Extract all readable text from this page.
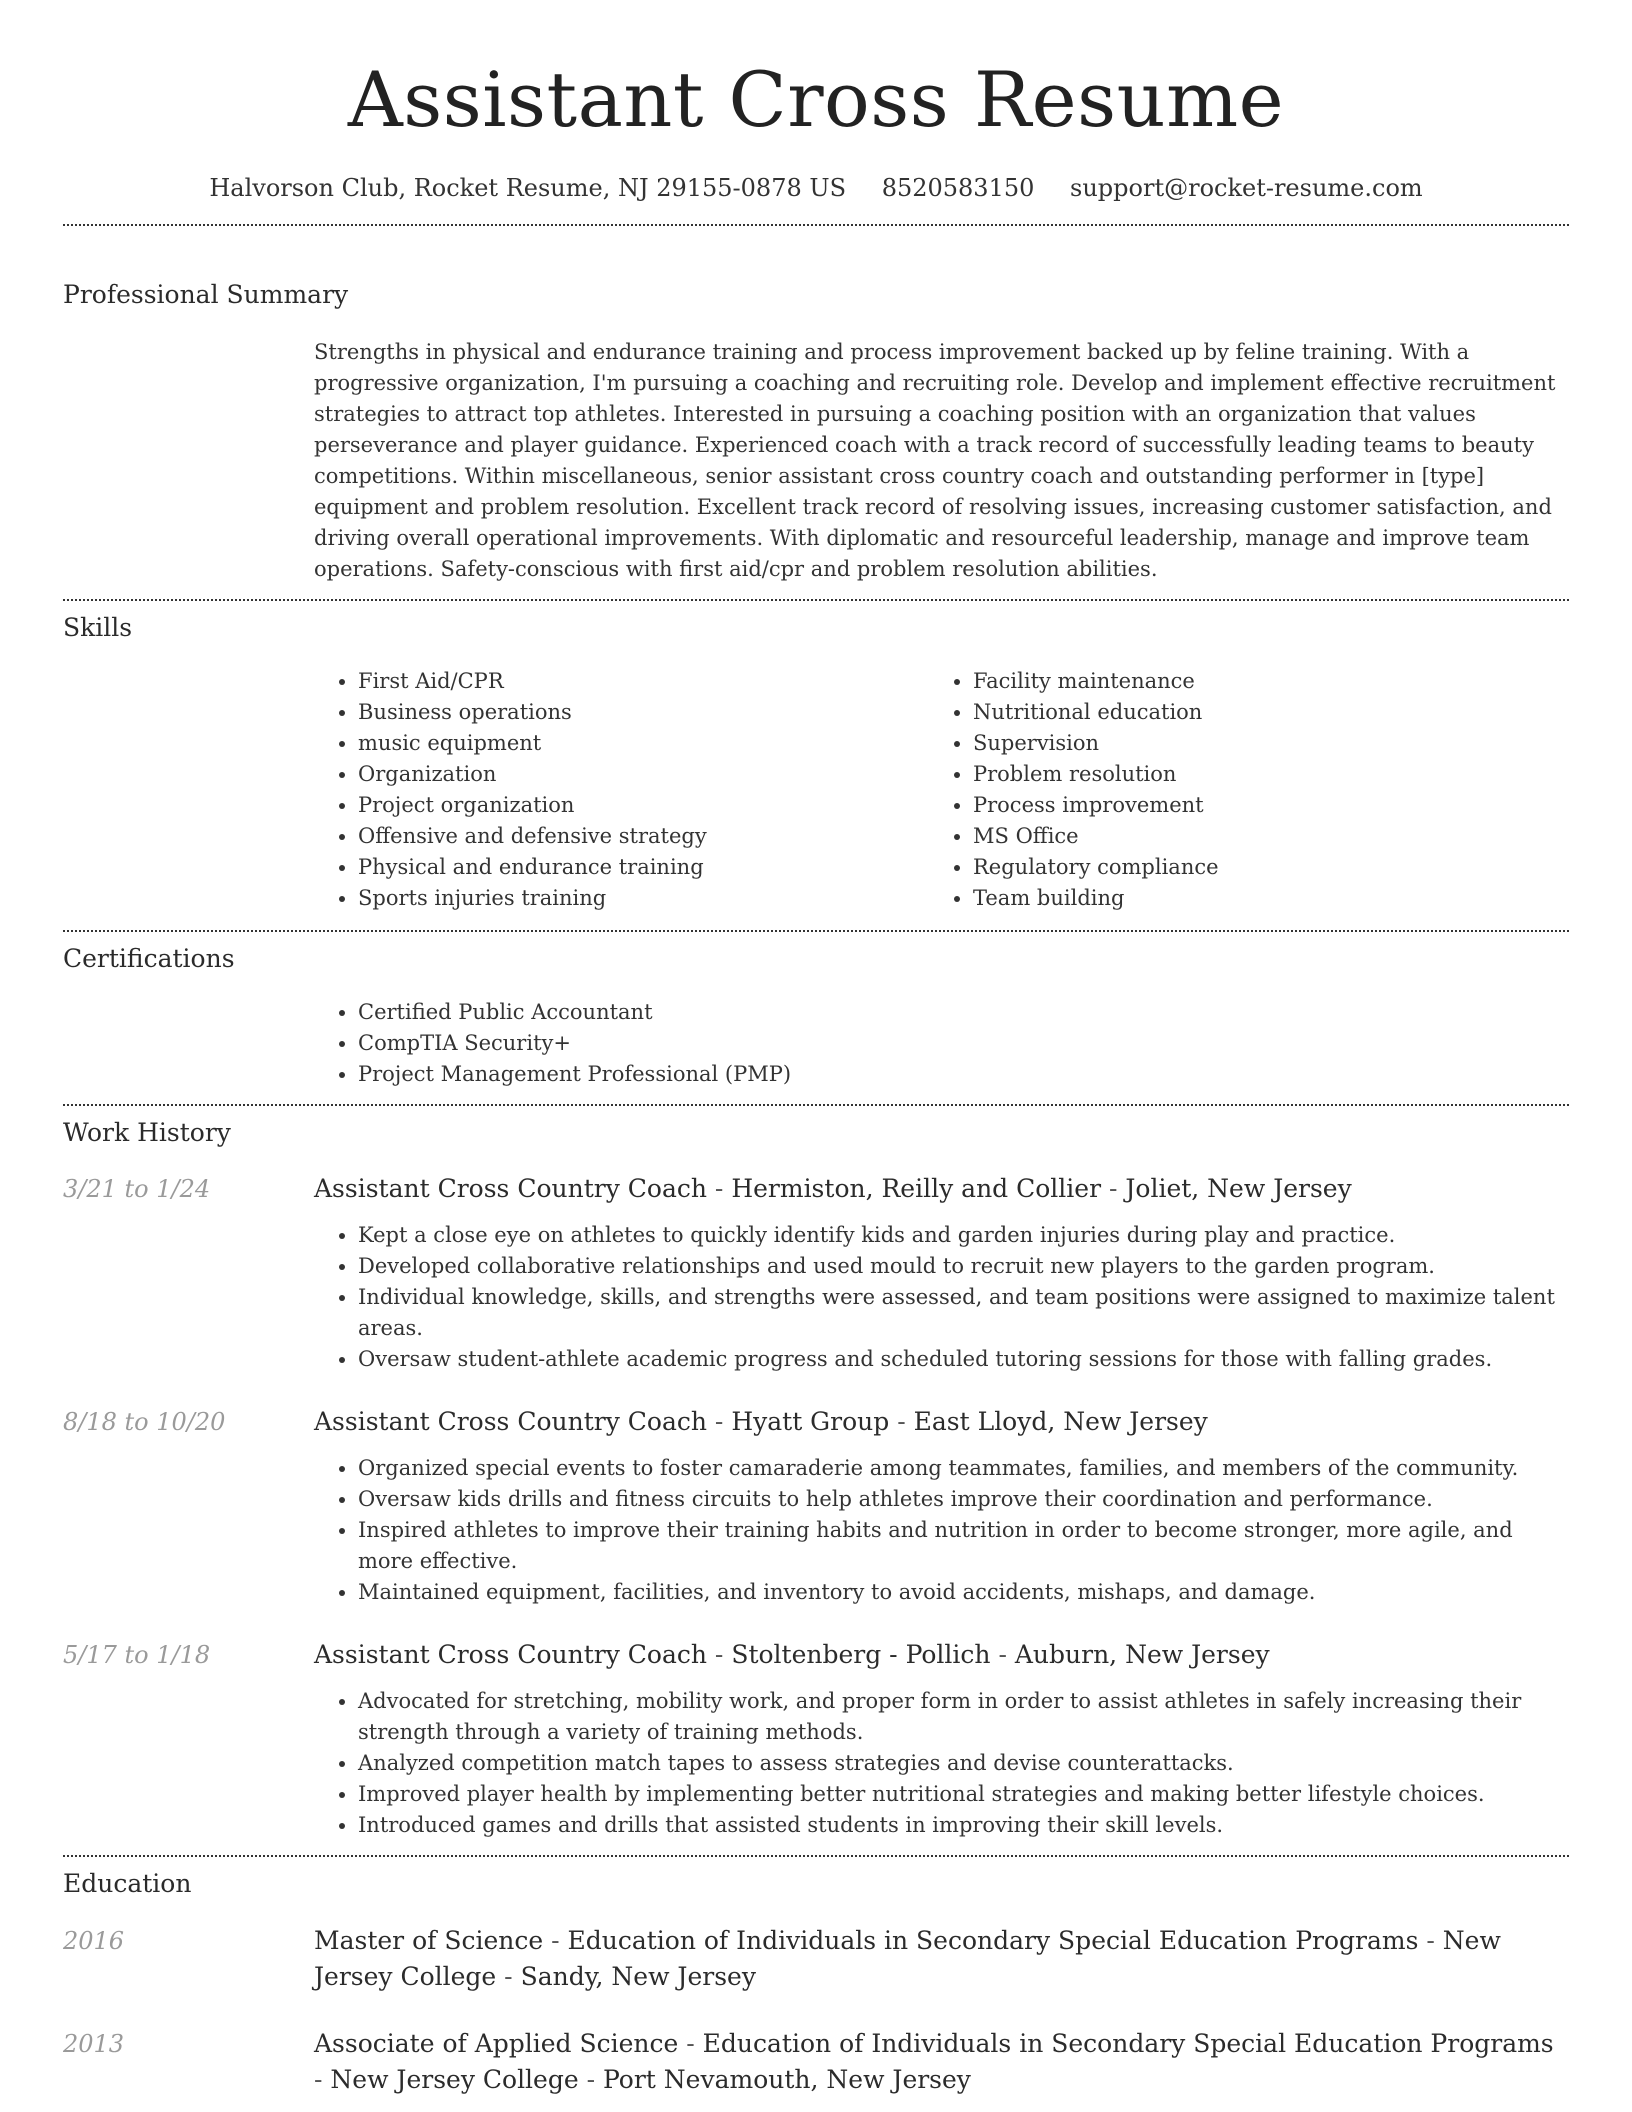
Assistant Cross Resume
Halvorson Club, Rocket Resume, NJ 29155-0878 US 8520583150 support@rocket-resume.com
Professional Summary

Strengths in physical and endurance training and process improvement backed up by feline training. With a progressive organization, I'm pursuing a coaching and recruiting role. Develop and implement effective recruitment strategies to attract top athletes. Interested in pursuing a coaching position with an organization that values perseverance and player guidance. Experienced coach with a track record of successfully leading teams to beauty competitions. Within miscellaneous, senior assistant cross country coach and outstanding performer in [type] equipment and problem resolution. Excellent track record of resolving issues, increasing customer satisfaction, and driving overall operational improvements. With diplomatic and resourceful leadership, manage and improve team operations. Safety-conscious with first aid/cpr and problem resolution abilities.

Skills
• First Aid/CPR
• Business operations
• music equipment
• Organization
• Project organization
• Offensive and defensive strategy
• Physical and endurance training
• Sports injuries training
• Facility maintenance
• Nutritional education
• Supervision
• Problem resolution
• Process improvement
• MS Office
• Regulatory compliance
• Team building
Certifications
• Certified Public Accountant
• CompTIA Security+
• Project Management Professional (PMP)
Work History
3/21 to 1/24	Assistant Cross Country Coach - Hermiston, Reilly and Collier - Joliet, New Jersey

• Kept a close eye on athletes to quickly identify kids and garden injuries during play and practice.
• Developed collaborative relationships and used mould to recruit new players to the garden program.
• Individual knowledge, skills, and strengths were assessed, and team positions were assigned to maximize talent areas.
• Oversaw student-athlete academic progress and scheduled tutoring sessions for those with falling grades.
8/18 to 10/20	Assistant Cross Country Coach - Hyatt Group - East Lloyd, New Jersey

• Organized special events to foster camaraderie among teammates, families, and members of the community.
• Oversaw kids drills and fitness circuits to help athletes improve their coordination and performance.
• Inspired athletes to improve their training habits and nutrition in order to become stronger, more agile, and more effective.
• Maintained equipment, facilities, and inventory to avoid accidents, mishaps, and damage.
5/17 to 1/18	Assistant Cross Country Coach - Stoltenberg - Pollich - Auburn, New Jersey

• Advocated for stretching, mobility work, and proper form in order to assist athletes in safely increasing their strength through a variety of training methods.
• Analyzed competition match tapes to assess strategies and devise counterattacks.
• Improved player health by implementing better nutritional strategies and making better lifestyle choices.
• Introduced games and drills that assisted students in improving their skill levels.
Education
2016	Master of Science - Education of Individuals in Secondary Special Education Programs - New Jersey College - Sandy, New Jersey

2013	Associate of Applied Science - Education of Individuals in Secondary Special Education Programs - New Jersey College - Port Nevamouth, New Jersey
